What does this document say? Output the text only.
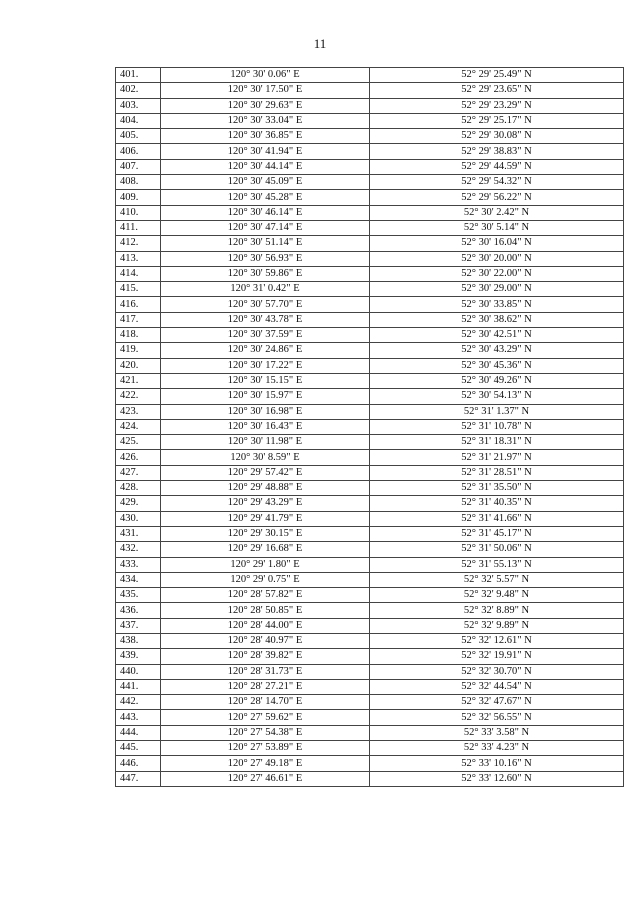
11
401.	120° 30' 0.06" E	52° 29' 25.49" N
402.	120° 30' 17.50" E	52° 29' 23.65" N
403.	120° 30' 29.63" E	52° 29' 23.29" N
404.	120° 30' 33.04" E	52° 29' 25.17" N
405.	120° 30' 36.85" E	52° 29' 30.08" N
406.	120° 30' 41.94" E	52° 29' 38.83" N
407.	120° 30' 44.14" E	52° 29' 44.59" N
408.	120° 30' 45.09" E	52° 29' 54.32" N
409.	120° 30' 45.28" E	52° 29' 56.22" N
410.	120° 30' 46.14" E	52° 30' 2.42" N
411.	120° 30' 47.14" E	52° 30' 5.14" N
412.	120° 30' 51.14" E	52° 30' 16.04" N
413.	120° 30' 56.93" E	52° 30' 20.00" N
414.	120° 30' 59.86" E	52° 30' 22.00" N
415.	120° 31' 0.42" E	52° 30' 29.00" N
416.	120° 30' 57.70" E	52° 30' 33.85" N
417.	120° 30' 43.78" E	52° 30' 38.62" N
418.	120° 30' 37.59" E	52° 30' 42.51" N
419.	120° 30' 24.86" E	52° 30' 43.29" N
420.	120° 30' 17.22" E	52° 30' 45.36" N
421.	120° 30' 15.15" E	52° 30' 49.26" N
422.	120° 30' 15.97" E	52° 30' 54.13" N
423.	120° 30' 16.98" E	52° 31' 1.37" N
424.	120° 30' 16.43" E	52° 31' 10.78" N
425.	120° 30' 11.98" E	52° 31' 18.31" N
426.	120° 30' 8.59" E	52° 31' 21.97" N
427.	120° 29' 57.42" E	52° 31' 28.51" N
428.	120° 29' 48.88" E	52° 31' 35.50" N
429.	120° 29' 43.29" E	52° 31' 40.35" N
430.	120° 29' 41.79" E	52° 31' 41.66" N
431.	120° 29' 30.15" E	52° 31' 45.17" N
432.	120° 29' 16.68" E	52° 31' 50.06" N
433.	120° 29' 1.80" E	52° 31' 55.13" N
434.	120° 29' 0.75" E	52° 32' 5.57" N
435.	120° 28' 57.82" E	52° 32' 9.48" N
436.	120° 28' 50.85" E	52° 32' 8.89" N
437.	120° 28' 44.00" E	52° 32' 9.89" N
438.	120° 28' 40.97" E	52° 32' 12.61" N
439.	120° 28' 39.82" E	52° 32' 19.91" N
440.	120° 28' 31.73" E	52° 32' 30.70" N
441.	120° 28' 27.21" E	52° 32' 44.54" N
442.	120° 28' 14.70" E	52° 32' 47.67" N
443.	120° 27' 59.62" E	52° 32' 56.55" N
444.	120° 27' 54.38" E	52° 33' 3.58" N
445.	120° 27' 53.89" E	52° 33' 4.23" N
446.	120° 27' 49.18" E	52° 33' 10.16" N
447.	120° 27' 46.61" E	52° 33' 12.60" N
